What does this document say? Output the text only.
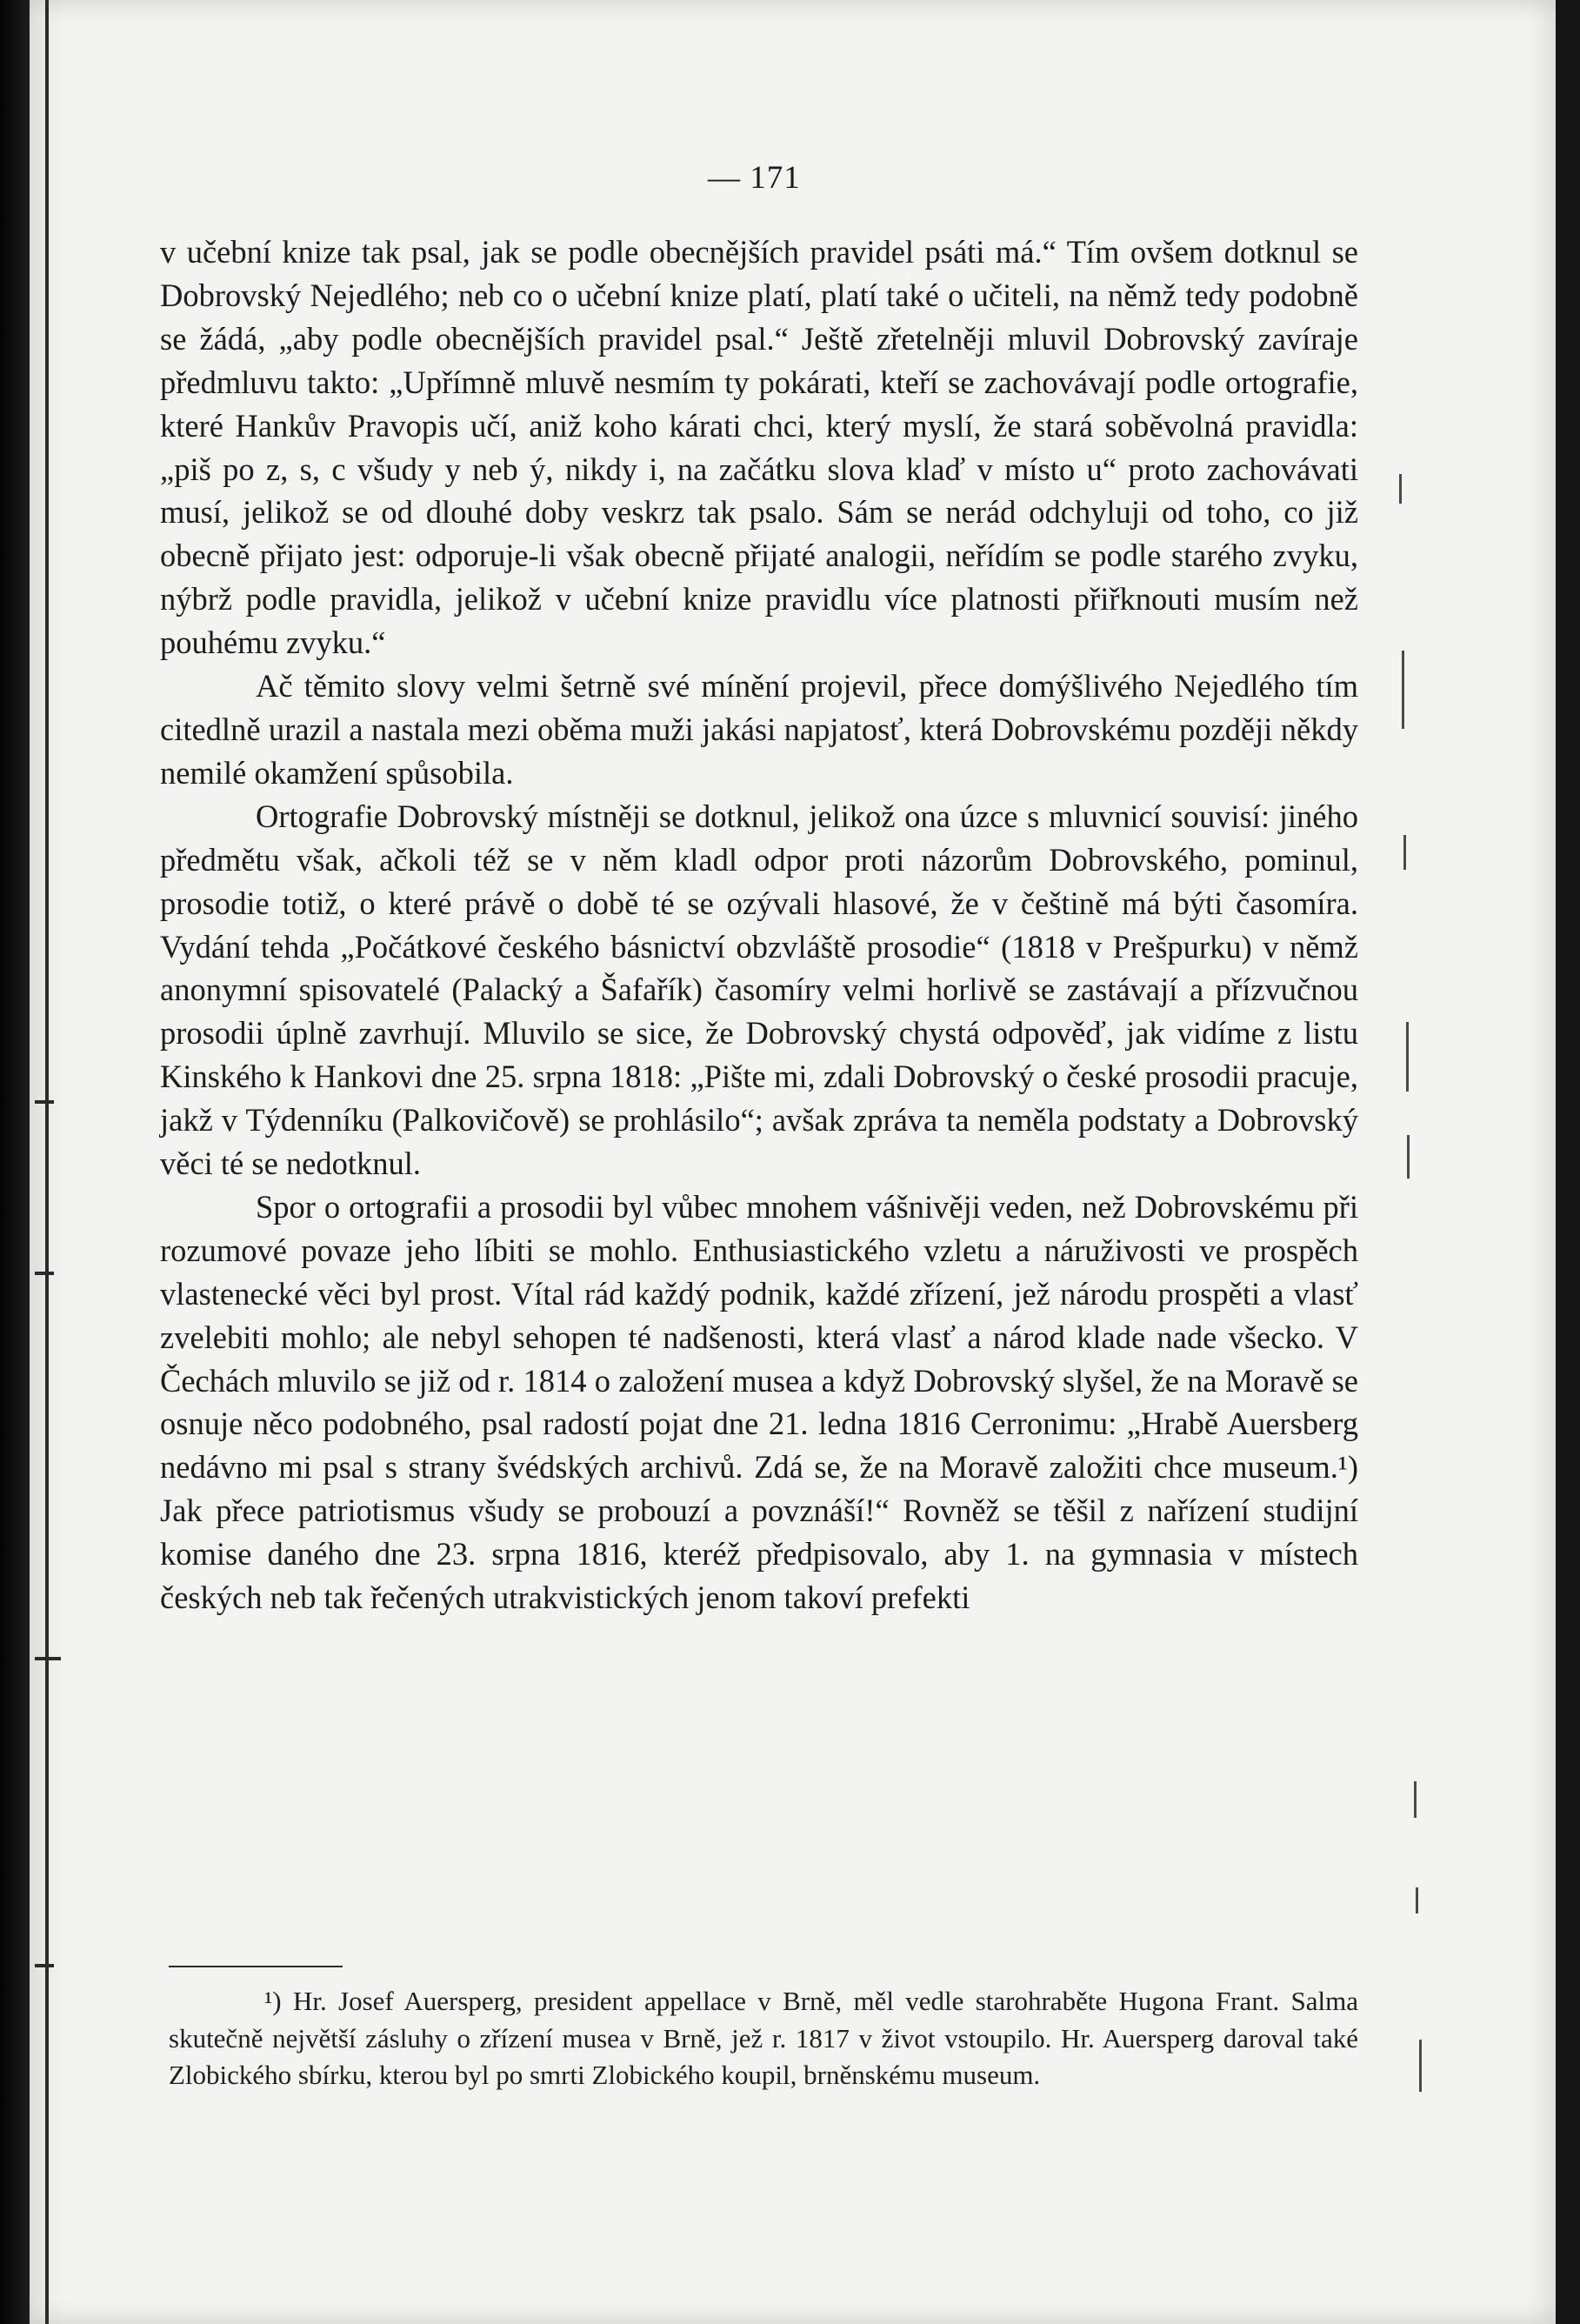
— 171

v učební knize tak psal, jak se podle obecnějších pravidel psáti má.“ Tím ovšem dotknul se Dobrovský Nejedlého; neb co o učební knize platí, platí také o učiteli, na němž tedy podobně se žádá, „aby podle obecnějších pravidel psal.“ Ještě zřetelněji mluvil Dobrovský zavíraje předmluvu takto: „Upřímně mluvě nesmím ty pokárati, kteří se zachovávají podle ortografie, které Hankův Pravopis učí, aniž koho kárati chci, který myslí, že stará soběvolná pravidla: „piš po z, s, c všudy y neb ý, nikdy i, na začátku slova klaď v místo u“ proto zachovávati musí, jelikož se od dlouhé doby veskrz tak psalo. Sám se nerád odchyluji od toho, co již obecně přijato jest: odporuje-li však obecně přijaté analogii, neřídím se podle starého zvyku, nýbrž podle pravidla, jelikož v učební knize pravidlu více platnosti přiřknouti musím než pouhému zvyku.“

Ač těmito slovy velmi šetrně své mínění projevil, přece domýšlivého Nejedlého tím citedlně urazil a nastala mezi oběma muži jakási napjatosť, která Dobrovskému později někdy nemilé okamžení spůsobila.

Ortografie Dobrovský místněji se dotknul, jelikož ona úzce s mluvnicí souvisí: jiného předmětu však, ačkoli též se v něm kladl odpor proti názorům Dobrovského, pominul, prosodie totiž, o které právě o době té se ozývali hlasové, že v češtině má býti časomíra. Vydání tehda „Počátkové českého básnictví obzvláště prosodie“ (1818 v Prešpurku) v němž anonymní spisovatelé (Palacký a Šafařík) časomíry velmi horlivě se zastávají a přízvučnou prosodii úplně zavrhují. Mluvilo se sice, že Dobrovský chystá odpověď, jak vidíme z listu Kinského k Hankovi dne 25. srpna 1818: „Pište mi, zdali Dobrovský o české prosodii pracuje, jakž v Týdenníku (Palkovičově) se prohlásilo“; avšak zpráva ta neměla podstaty a Dobrovský věci té se nedotknul.

Spor o ortografii a prosodii byl vůbec mnohem vášnivěji veden, než Dobrovskému při rozumové povaze jeho líbiti se mohlo. Enthusiastického vzletu a náruživosti ve prospěch vlastenecké věci byl prost. Vítal rád každý podnik, každé zřízení, jež národu prospěti a vlasť zvelebiti mohlo; ale nebyl sehopen té nadšenosti, která vlasť a národ klade nade všecko. V Čechách mluvilo se již od r. 1814 o založení musea a když Dobrovský slyšel, že na Moravě se osnuje něco podobného, psal radostí pojat dne 21. ledna 1816 Cerronimu: „Hrabě Auersberg nedávno mi psal s strany švédských archivů. Zdá se, že na Moravě založiti chce museum.¹) Jak přece patriotismus všudy se probouzí a povznáší!“ Rovněž se těšil z nařízení studijní komise daného dne 23. srpna 1816, kteréž předpisovalo, aby 1. na gymnasia v místech českých neb tak řečených utrakvistických jenom takoví prefekti

¹) Hr. Josef Auersperg, president appellace v Brně, měl vedle starohraběte Hugona Frant. Salma skutečně největší zásluhy o zřízení musea v Brně, jež r. 1817 v život vstoupilo. Hr. Auersperg daroval také Zlobického sbírku, kterou byl po smrti Zlobického koupil, brněnskému museum.
